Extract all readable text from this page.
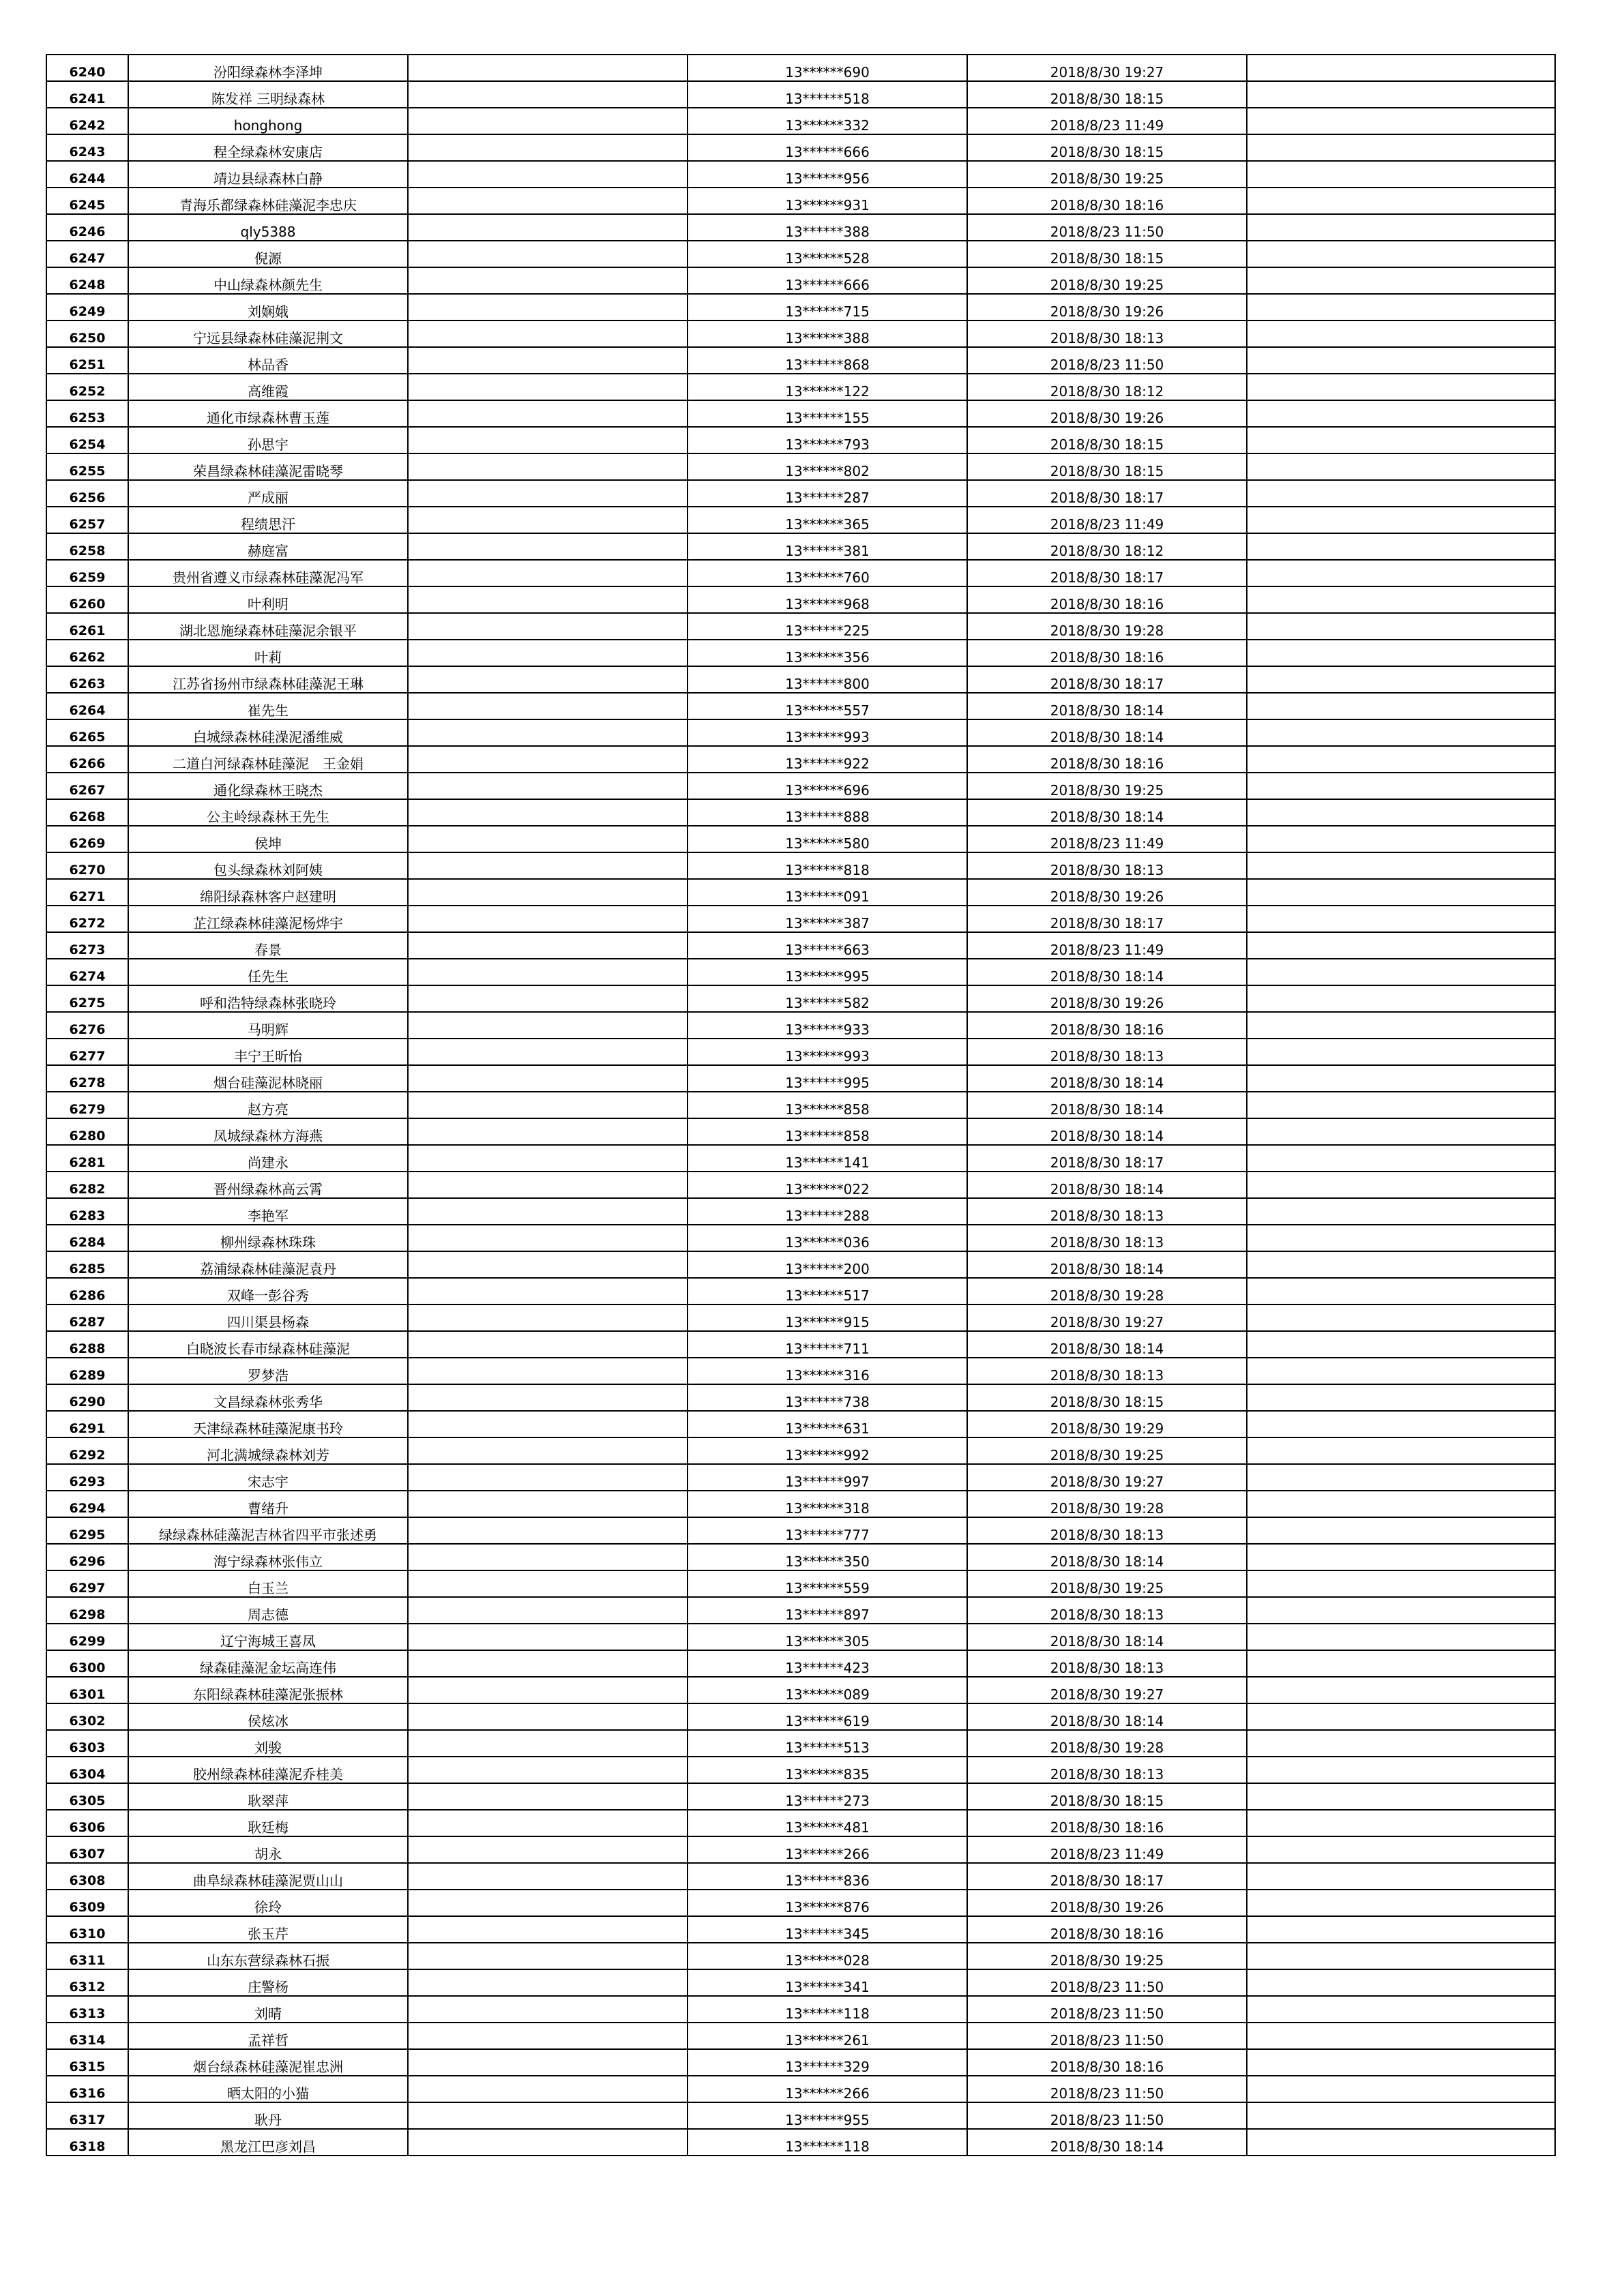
6240	汾阳绿森林李泽坤		13******690	2018/8/30 19:27	
6241	陈发祥 三明绿森林		13******518	2018/8/30 18:15	
6242	honghong		13******332	2018/8/23 11:49	
6243	程全绿森林安康店		13******666	2018/8/30 18:15	
6244	靖边县绿森林白静		13******956	2018/8/30 19:25	
6245	青海乐都绿森林硅藻泥李忠庆		13******931	2018/8/30 18:16	
6246	qly5388		13******388	2018/8/23 11:50	
6247	倪源		13******528	2018/8/30 18:15	
6248	中山绿森林颜先生		13******666	2018/8/30 19:25	
6249	刘娴娥		13******715	2018/8/30 19:26	
6250	宁远县绿森林硅藻泥荆文		13******388	2018/8/30 18:13	
6251	林品香		13******868	2018/8/23 11:50	
6252	高维霞		13******122	2018/8/30 18:12	
6253	通化市绿森林曹玉莲		13******155	2018/8/30 19:26	
6254	孙思宇		13******793	2018/8/30 18:15	
6255	荣昌绿森林硅藻泥雷晓琴		13******802	2018/8/30 18:15	
6256	严成丽		13******287	2018/8/30 18:17	
6257	程绩思汗		13******365	2018/8/23 11:49	
6258	赫庭富		13******381	2018/8/30 18:12	
6259	贵州省遵义市绿森林硅藻泥冯军		13******760	2018/8/30 18:17	
6260	叶利明		13******968	2018/8/30 18:16	
6261	湖北恩施绿森林硅藻泥余银平		13******225	2018/8/30 19:28	
6262	叶莉		13******356	2018/8/30 18:16	
6263	江苏省扬州市绿森林硅藻泥王琳		13******800	2018/8/30 18:17	
6264	崔先生		13******557	2018/8/30 18:14	
6265	白城绿森林硅澡泥潘维威		13******993	2018/8/30 18:14	
6266	二道白河绿森林硅藻泥　王金娟		13******922	2018/8/30 18:16	
6267	通化绿森林王晓杰		13******696	2018/8/30 19:25	
6268	公主岭绿森林王先生		13******888	2018/8/30 18:14	
6269	侯坤		13******580	2018/8/23 11:49	
6270	包头绿森林刘阿姨		13******818	2018/8/30 18:13	
6271	绵阳绿森林客户赵建明		13******091	2018/8/30 19:26	
6272	芷江绿森林硅藻泥杨烨宇		13******387	2018/8/30 18:17	
6273	春景		13******663	2018/8/23 11:49	
6274	任先生		13******995	2018/8/30 18:14	
6275	呼和浩特绿森林张晓玲		13******582	2018/8/30 19:26	
6276	马明辉		13******933	2018/8/30 18:16	
6277	丰宁王昕怡		13******993	2018/8/30 18:13	
6278	烟台硅藻泥林晓丽		13******995	2018/8/30 18:14	
6279	赵方亮		13******858	2018/8/30 18:14	
6280	凤城绿森林方海燕		13******858	2018/8/30 18:14	
6281	尚建永		13******141	2018/8/30 18:17	
6282	晋州绿森林高云霄		13******022	2018/8/30 18:14	
6283	李艳军		13******288	2018/8/30 18:13	
6284	柳州绿森林珠珠		13******036	2018/8/30 18:13	
6285	荔浦绿森林硅藻泥袁丹		13******200	2018/8/30 18:14	
6286	双峰一彭谷秀		13******517	2018/8/30 19:28	
6287	四川渠县杨森		13******915	2018/8/30 19:27	
6288	白晓波长春市绿森林硅藻泥		13******711	2018/8/30 18:14	
6289	罗梦浩		13******316	2018/8/30 18:13	
6290	文昌绿森林张秀华		13******738	2018/8/30 18:15	
6291	天津绿森林硅藻泥康书玲		13******631	2018/8/30 19:29	
6292	河北满城绿森林刘芳		13******992	2018/8/30 19:25	
6293	宋志宇		13******997	2018/8/30 19:27	
6294	曹绪升		13******318	2018/8/30 19:28	
6295	绿绿森林硅藻泥吉林省四平市张述勇		13******777	2018/8/30 18:13	
6296	海宁绿森林张伟立		13******350	2018/8/30 18:14	
6297	白玉兰		13******559	2018/8/30 19:25	
6298	周志德		13******897	2018/8/30 18:13	
6299	辽宁海城王喜凤		13******305	2018/8/30 18:14	
6300	绿森硅藻泥金坛高连伟		13******423	2018/8/30 18:13	
6301	东阳绿森林硅藻泥张振林		13******089	2018/8/30 19:27	
6302	侯炫冰		13******619	2018/8/30 18:14	
6303	刘骏		13******513	2018/8/30 19:28	
6304	胶州绿森林硅藻泥乔桂美		13******835	2018/8/30 18:13	
6305	耿翠萍		13******273	2018/8/30 18:15	
6306	耿廷梅		13******481	2018/8/30 18:16	
6307	胡永		13******266	2018/8/23 11:49	
6308	曲阜绿森林硅藻泥贾山山		13******836	2018/8/30 18:17	
6309	徐玲		13******876	2018/8/30 19:26	
6310	张玉芹		13******345	2018/8/30 18:16	
6311	山东东营绿森林石振		13******028	2018/8/30 19:25	
6312	庄警杨		13******341	2018/8/23 11:50	
6313	刘晴		13******118	2018/8/23 11:50	
6314	孟祥哲		13******261	2018/8/23 11:50	
6315	烟台绿森林硅藻泥崔忠洲		13******329	2018/8/30 18:16	
6316	晒太阳的小猫		13******266	2018/8/23 11:50	
6317	耿丹		13******955	2018/8/23 11:50	
6318	黑龙江巴彦刘昌		13******118	2018/8/30 18:14	
